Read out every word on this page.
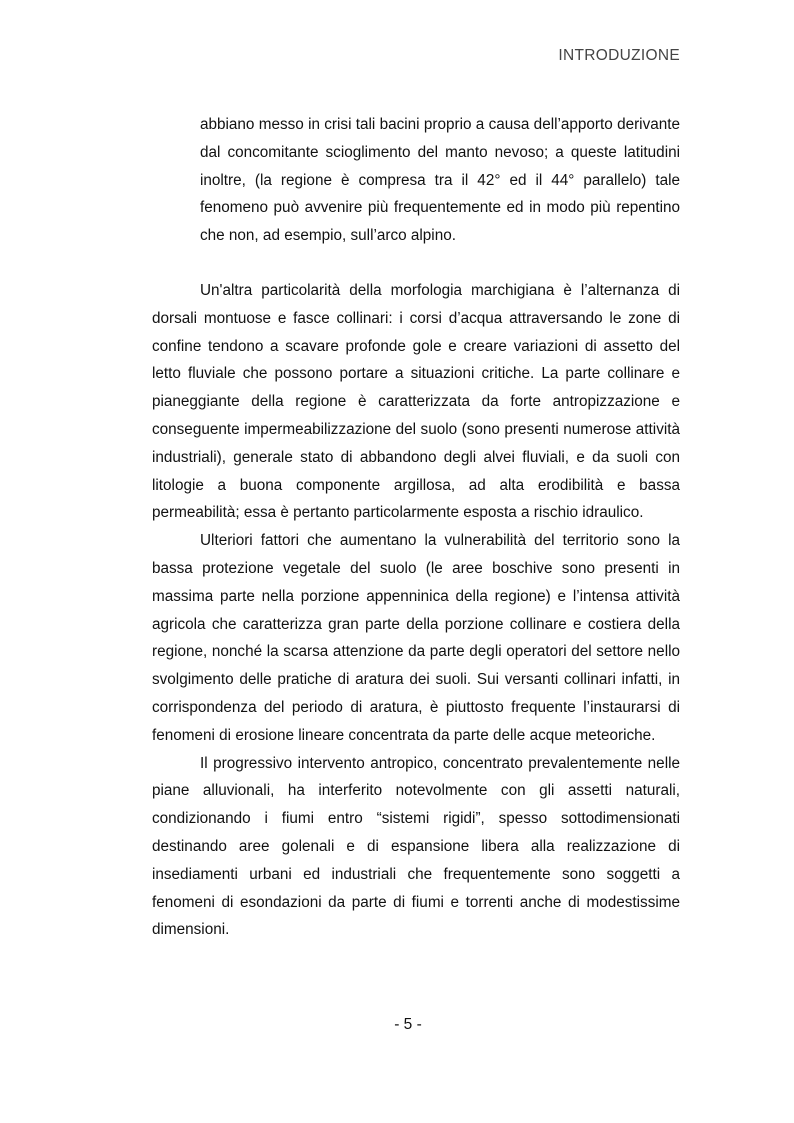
INTRODUZIONE

abbiano messo in crisi tali bacini proprio a causa dell’apporto derivante dal concomitante scioglimento del manto nevoso; a queste latitudini inoltre, (la regione è compresa tra il 42° ed il 44° parallelo) tale fenomeno può avvenire più frequentemente ed in modo più repentino che non, ad esempio, sull’arco alpino.

Un'altra particolarità della morfologia marchigiana è l’alternanza di dorsali montuose e fasce collinari: i corsi d’acqua attraversando le zone di confine tendono a scavare profonde gole e creare variazioni di assetto del letto fluviale che possono portare a situazioni critiche. La parte collinare e pianeggiante della regione è caratterizzata da forte antropizzazione e conseguente impermeabilizzazione del suolo (sono presenti numerose attività industriali), generale stato di abbandono degli alvei fluviali, e da suoli con litologie a buona componente argillosa, ad alta erodibilità e bassa permeabilità; essa è pertanto particolarmente esposta a rischio idraulico.

Ulteriori fattori che aumentano la vulnerabilità del territorio sono la bassa protezione vegetale del suolo (le aree boschive sono presenti in massima parte nella porzione appenninica della regione) e l’intensa attività agricola che caratterizza gran parte della porzione collinare e costiera della regione, nonché la scarsa attenzione da parte degli operatori del settore nello svolgimento delle pratiche di aratura dei suoli. Sui versanti collinari infatti, in corrispondenza del periodo di aratura, è piuttosto frequente l’instaurarsi di fenomeni di erosione lineare concentrata da parte delle acque meteoriche.

Il progressivo intervento antropico, concentrato prevalentemente nelle piane alluvionali, ha interferito notevolmente con gli assetti naturali, condizionando i fiumi entro “sistemi rigidi”, spesso sottodimensionati destinando aree golenali e di espansione libera alla realizzazione di insediamenti urbani ed industriali che frequentemente sono soggetti a fenomeni di esondazioni da parte di fiumi e torrenti anche di modestissime dimensioni.

- 5 -
